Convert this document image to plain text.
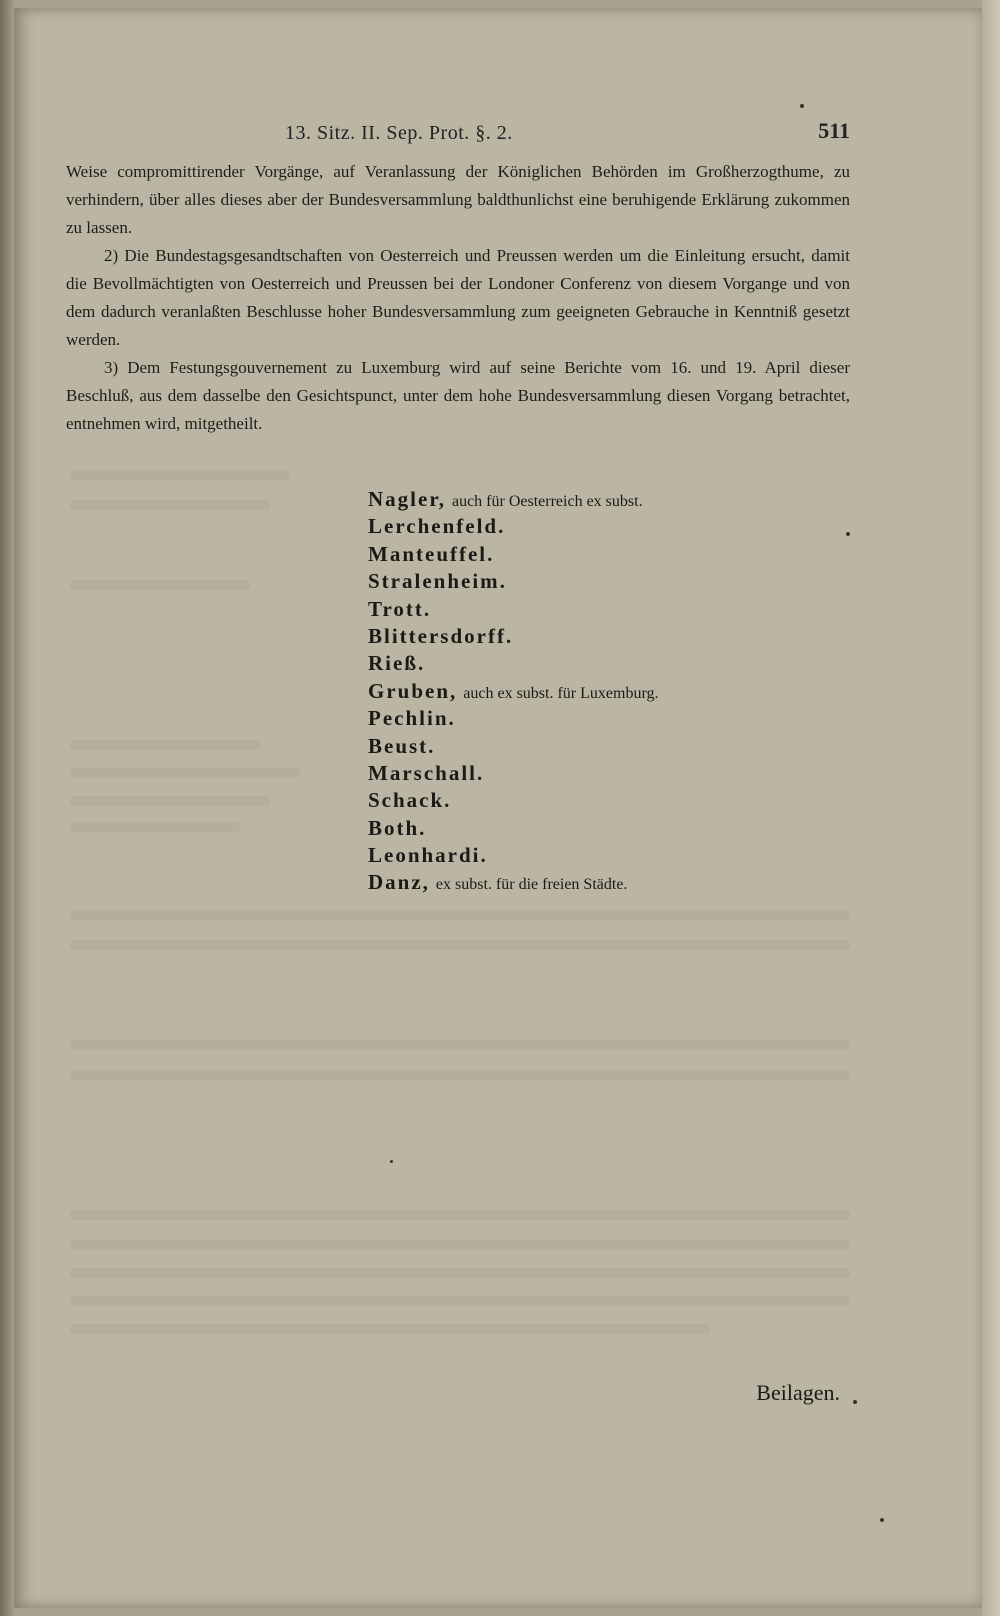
13. Sitz. II. Sep. Prot. §. 2.	511

Weise compromittirender Vorgänge, auf Veranlassung der Königlichen Behörden im Großherzogthume, zu verhindern, über alles dieses aber der Bundesversammlung baldthunlichst eine beruhigende Erklärung zukommen zu lassen.

2) Die Bundestagsgesandtschaften von Oesterreich und Preussen werden um die Einleitung ersucht, damit die Bevollmächtigten von Oesterreich und Preussen bei der Londoner Conferenz von diesem Vorgange und von dem dadurch veranlaßten Beschlusse hoher Bundesversammlung zum geeigneten Gebrauche in Kenntniß gesetzt werden.

3) Dem Festungsgouvernement zu Luxemburg wird auf seine Berichte vom 16. und 19. April dieser Beschluß, aus dem dasselbe den Gesichtspunct, unter dem hohe Bundesversammlung diesen Vorgang betrachtet, entnehmen wird, mitgetheilt.

Nagler, auch für Oesterreich ex subst.
Lerchenfeld.
Manteuffel.
Stralenheim.
Trott.
Blittersdorff.
Rieß.
Gruben, auch ex subst. für Luxemburg.
Pechlin.
Beust.
Marschall.
Schack.
Both.
Leonhardi.
Danz, ex subst. für die freien Städte.
Beilagen.
